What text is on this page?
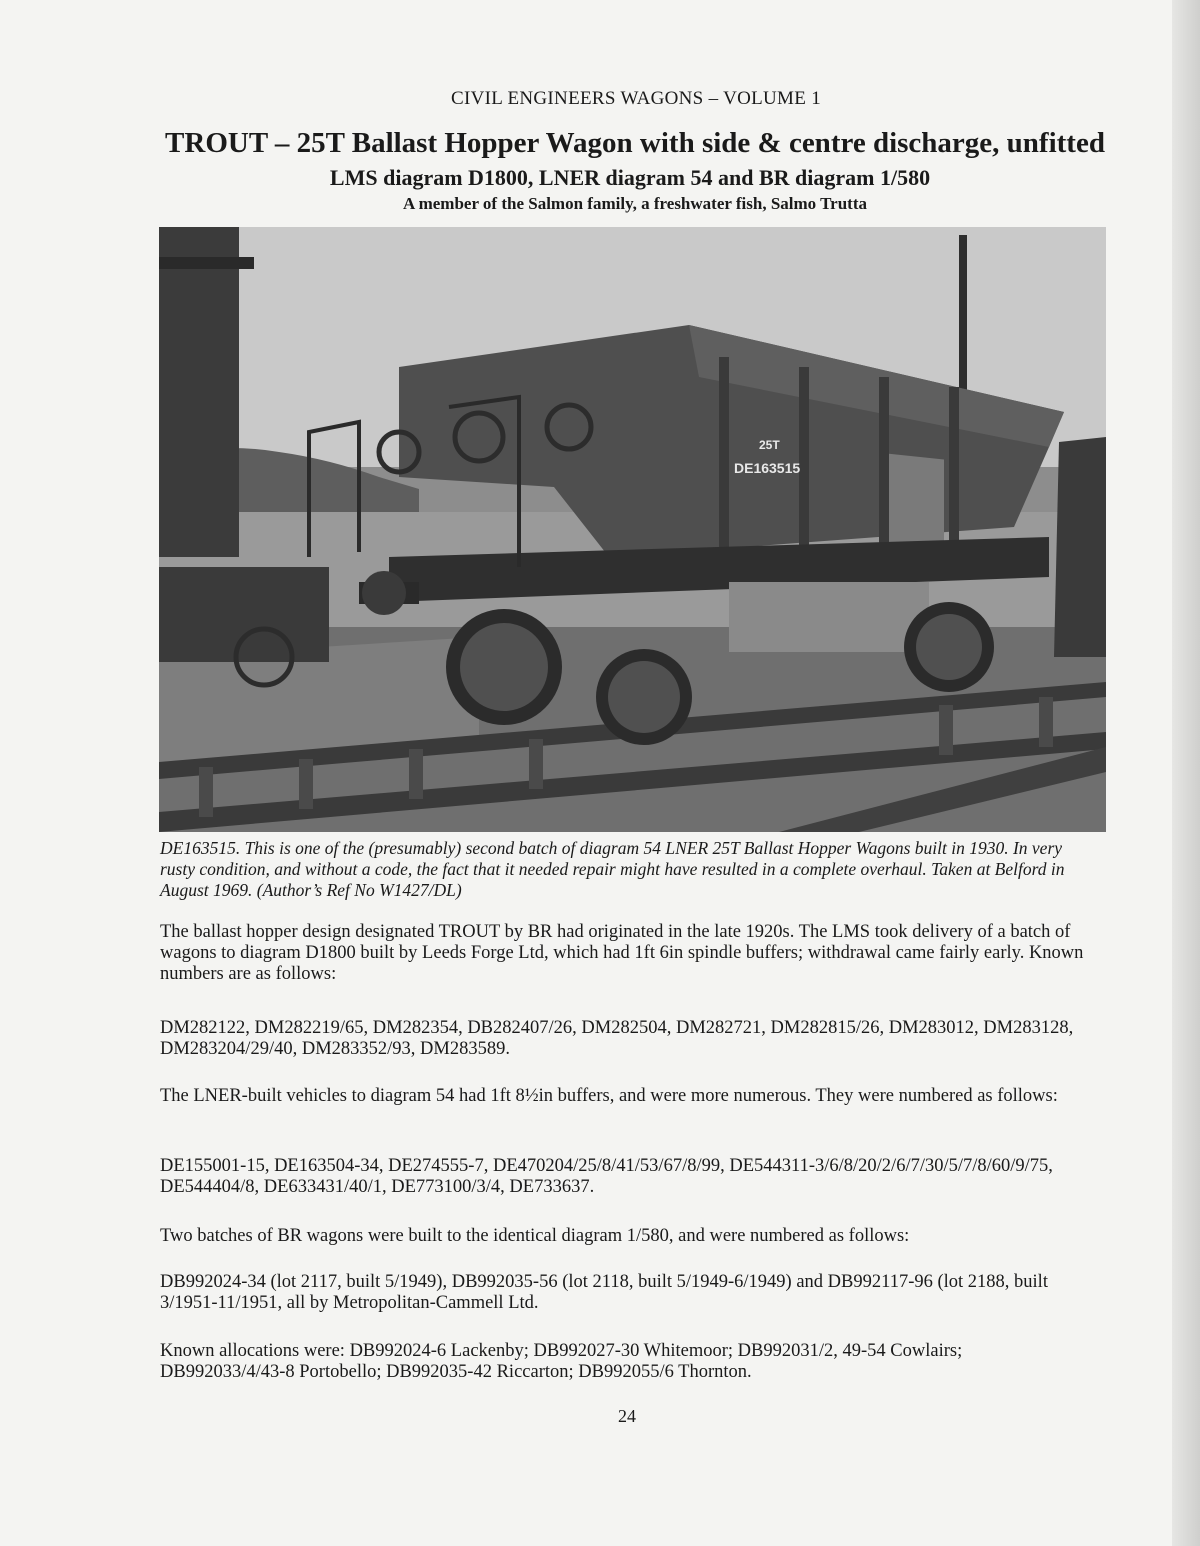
CIVIL ENGINEERS WAGONS – VOLUME 1
TROUT – 25T Ballast Hopper Wagon with side & centre discharge, unfitted
LMS diagram D1800, LNER diagram 54 and BR diagram 1/580
A member of the Salmon family, a freshwater fish, Salmo Trutta
25T
DE163515
DE163515. This is one of the (presumably) second batch of diagram 54 LNER 25T Ballast Hopper Wagons built in 1930. In very rusty condition, and without a code, the fact that it needed repair might have resulted in a complete overhaul. Taken at Belford in August 1969. (Author’s Ref No W1427/DL)
The ballast hopper design designated TROUT by BR had originated in the late 1920s. The LMS took delivery of a batch of wagons to diagram D1800 built by Leeds Forge Ltd, which had 1ft 6in spindle buffers; withdrawal came fairly early. Known numbers are as follows:
DM282122, DM282219/65, DM282354, DB282407/26, DM282504, DM282721, DM282815/26, DM283012, DM283128, DM283204/29/40, DM283352/93, DM283589.
The LNER-built vehicles to diagram 54 had 1ft 8½in buffers, and were more numerous. They were numbered as follows:
DE155001-15, DE163504-34, DE274555-7, DE470204/25/8/41/53/67/8/99, DE544311-3/6/8/20/2/6/7/30/5/7/8/60/9/75, DE544404/8, DE633431/40/1, DE773100/3/4, DE733637.
Two batches of BR wagons were built to the identical diagram 1/580, and were numbered as follows:
DB992024-34 (lot 2117, built 5/1949), DB992035-56 (lot 2118, built 5/1949-6/1949) and DB992117-96 (lot 2188, built 3/1951-11/1951, all by Metropolitan-Cammell Ltd.
Known allocations were: DB992024-6 Lackenby; DB992027-30 Whitemoor; DB992031/2, 49-54 Cowlairs; DB992033/4/43-8 Portobello; DB992035-42 Riccarton; DB992055/6 Thornton.
24
